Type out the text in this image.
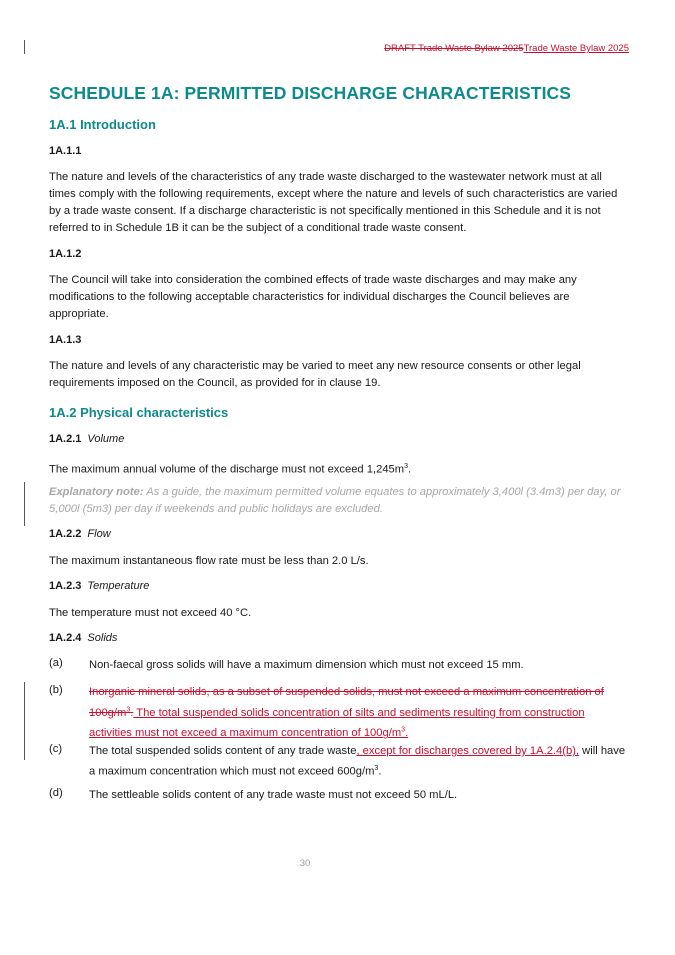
DRAFT Trade Waste Bylaw 2025Trade Waste Bylaw 2025
SCHEDULE 1A: PERMITTED DISCHARGE CHARACTERISTICS
1A.1 Introduction
1A.1.1
The nature and levels of the characteristics of any trade waste discharged to the wastewater network must at all times comply with the following requirements, except where the nature and levels of such characteristics are varied by a trade waste consent. If a discharge characteristic is not specifically mentioned in this Schedule and it is not referred to in Schedule 1B it can be the subject of a conditional trade waste consent.
1A.1.2
The Council will take into consideration the combined effects of trade waste discharges and may make any modifications to the following acceptable characteristics for individual discharges the Council believes are appropriate.
1A.1.3
The nature and levels of any characteristic may be varied to meet any new resource consents or other legal requirements imposed on the Council, as provided for in clause 19.
1A.2 Physical characteristics
1A.2.1 Volume
The maximum annual volume of the discharge must not exceed $1,245m^3$.
Explanatory note: As a guide, the maximum permitted volume equates to approximately 3,400l (3.4m3) per day, or 5,000l (5m3) per day if weekends and public holidays are excluded.
1A.2.2 Flow
The maximum instantaneous flow rate must be less than 2.0 L/s.
1A.2.3 Temperature
The temperature must not exceed 40 °C.
1A.2.4 Solids
(a) Non-faecal gross solids will have a maximum dimension which must not exceed 15 mm.
(b) Inorganic mineral solids, as a subset of suspended solids, must not exceed a maximum concentration of $100g/m^3$. The total suspended solids concentration of silts and sediments resulting from construction activities must not exceed a maximum concentration of $100g/m^3$.
(c) The total suspended solids content of any trade waste, except for discharges covered by 1A.2.4(b), will have a maximum concentration which must not exceed $600g/m^3$.
(d) The settleable solids content of any trade waste must not exceed 50 mL/L.
30
